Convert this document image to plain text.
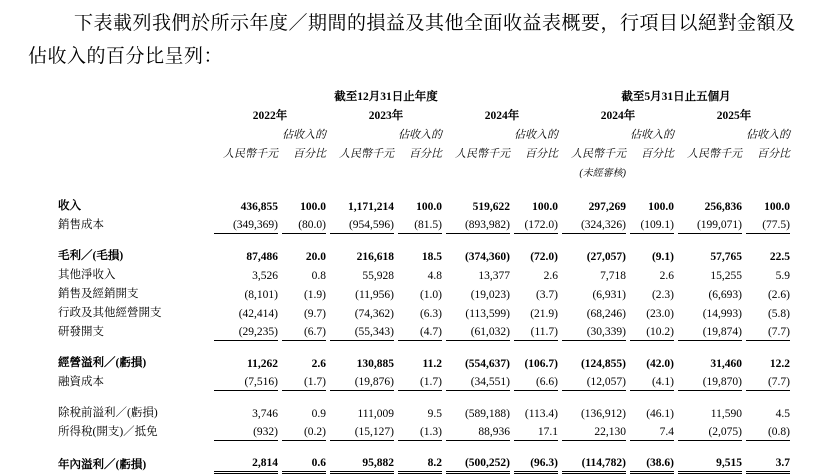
下表載列我們於所示年度／期間的損益及其他全面收益表概要，行項目以絕對金額及
佔收入的百分比呈列：

	截至12月31日止年度						截至5月31日止五個月			
	2022年		2023年		2024年		2024年		2025年	
		佔收入的		佔收入的		佔收入的		佔收入的		佔收入的
	人民幣千元	百分比	人民幣千元	百分比	人民幣千元	百分比	人民幣千元	百分比	人民幣千元	百分比
							(未經審核)			

收入	436,855	100.0	1,171,214	100.0	519,622	100.0	297,269	100.0	256,836	100.0
銷售成本	(349,369)	(80.0)	(954,596)	(81.5)	(893,982)	(172.0)	(324,326)	(109.1)	(199,071)	(77.5)

毛利／(毛損)	87,486	20.0	216,618	18.5	(374,360)	(72.0)	(27,057)	(9.1)	57,765	22.5
其他淨收入	3,526	0.8	55,928	4.8	13,377	2.6	7,718	2.6	15,255	5.9
銷售及經銷開支	(8,101)	(1.9)	(11,956)	(1.0)	(19,023)	(3.7)	(6,931)	(2.3)	(6,693)	(2.6)
行政及其他經營開支	(42,414)	(9.7)	(74,362)	(6.3)	(113,599)	(21.9)	(68,246)	(23.0)	(14,993)	(5.8)
研發開支	(29,235)	(6.7)	(55,343)	(4.7)	(61,032)	(11.7)	(30,339)	(10.2)	(19,874)	(7.7)

經營溢利／(虧損)	11,262	2.6	130,885	11.2	(554,637)	(106.7)	(124,855)	(42.0)	31,460	12.2
融資成本	(7,516)	(1.7)	(19,876)	(1.7)	(34,551)	(6.6)	(12,057)	(4.1)	(19,870)	(7.7)

除稅前溢利／(虧損)	3,746	0.9	111,009	9.5	(589,188)	(113.4)	(136,912)	(46.1)	11,590	4.5
所得稅(開支)／抵免	(932)	(0.2)	(15,127)	(1.3)	88,936	17.1	22,130	7.4	(2,075)	(0.8)

年內溢利／(虧損)	2,814	0.6	95,882	8.2	(500,252)	(96.3)	(114,782)	(38.6)	9,515	3.7
